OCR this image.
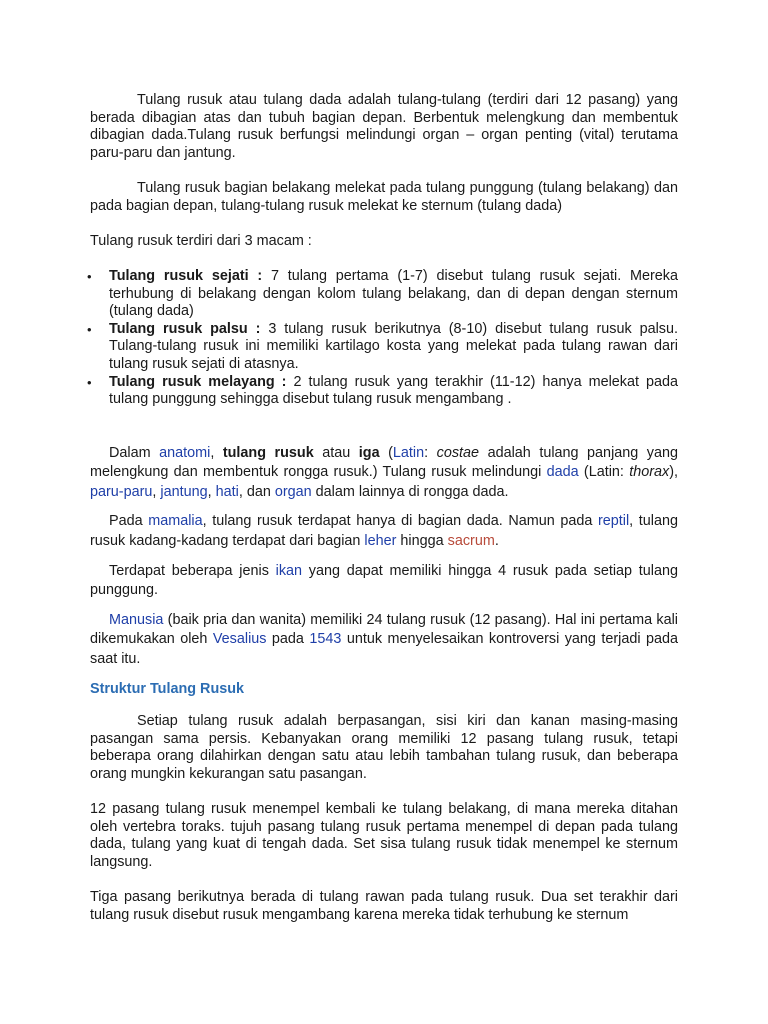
Tulang rusuk atau tulang dada adalah tulang-tulang (terdiri dari 12 pasang) yang berada dibagian atas dan tubuh bagian depan. Berbentuk melengkung dan membentuk dibagian dada.Tulang rusuk berfungsi melindungi organ – organ penting (vital) terutama paru-paru dan jantung.

Tulang rusuk bagian belakang melekat pada tulang punggung (tulang belakang) dan pada bagian depan, tulang-tulang rusuk melekat ke sternum (tulang dada)

Tulang rusuk terdiri dari 3 macam :

• Tulang rusuk sejati : 7 tulang pertama (1-7) disebut tulang rusuk sejati. Mereka terhubung di belakang dengan kolom tulang belakang, dan di depan dengan sternum (tulang dada)
• Tulang rusuk palsu : 3 tulang rusuk berikutnya (8-10) disebut tulang rusuk palsu. Tulang-tulang rusuk ini memiliki kartilago kosta yang melekat pada tulang rawan dari tulang rusuk sejati di atasnya.
• Tulang rusuk melayang : 2 tulang rusuk yang terakhir (11-12) hanya melekat pada tulang punggung sehingga disebut tulang rusuk mengambang .

Dalam anatomi, tulang rusuk atau iga (Latin: costae adalah tulang panjang yang melengkung dan membentuk rongga rusuk.) Tulang rusuk melindungi dada (Latin: thorax), paru-paru, jantung, hati, dan organ dalam lainnya di rongga dada.

Pada mamalia, tulang rusuk terdapat hanya di bagian dada. Namun pada reptil, tulang rusuk kadang-kadang terdapat dari bagian leher hingga sacrum.

Terdapat beberapa jenis ikan yang dapat memiliki hingga 4 rusuk pada setiap tulang punggung.

Manusia (baik pria dan wanita) memiliki 24 tulang rusuk (12 pasang). Hal ini pertama kali dikemukakan oleh Vesalius pada 1543 untuk menyelesaikan kontroversi yang terjadi pada saat itu.

Struktur Tulang Rusuk

Setiap tulang rusuk adalah berpasangan, sisi kiri dan kanan masing-masing pasangan sama persis. Kebanyakan orang memiliki 12 pasang tulang rusuk, tetapi beberapa orang dilahirkan dengan satu atau lebih tambahan tulang rusuk, dan beberapa orang mungkin kekurangan satu pasangan.

12 pasang tulang rusuk menempel kembali ke tulang belakang, di mana mereka ditahan oleh vertebra toraks. tujuh pasang tulang rusuk pertama menempel di depan pada tulang dada, tulang yang kuat di tengah dada. Set sisa tulang rusuk tidak menempel ke sternum langsung.

Tiga pasang berikutnya berada di tulang rawan pada tulang rusuk. Dua set terakhir dari tulang rusuk disebut rusuk mengambang karena mereka tidak terhubung ke sternum
